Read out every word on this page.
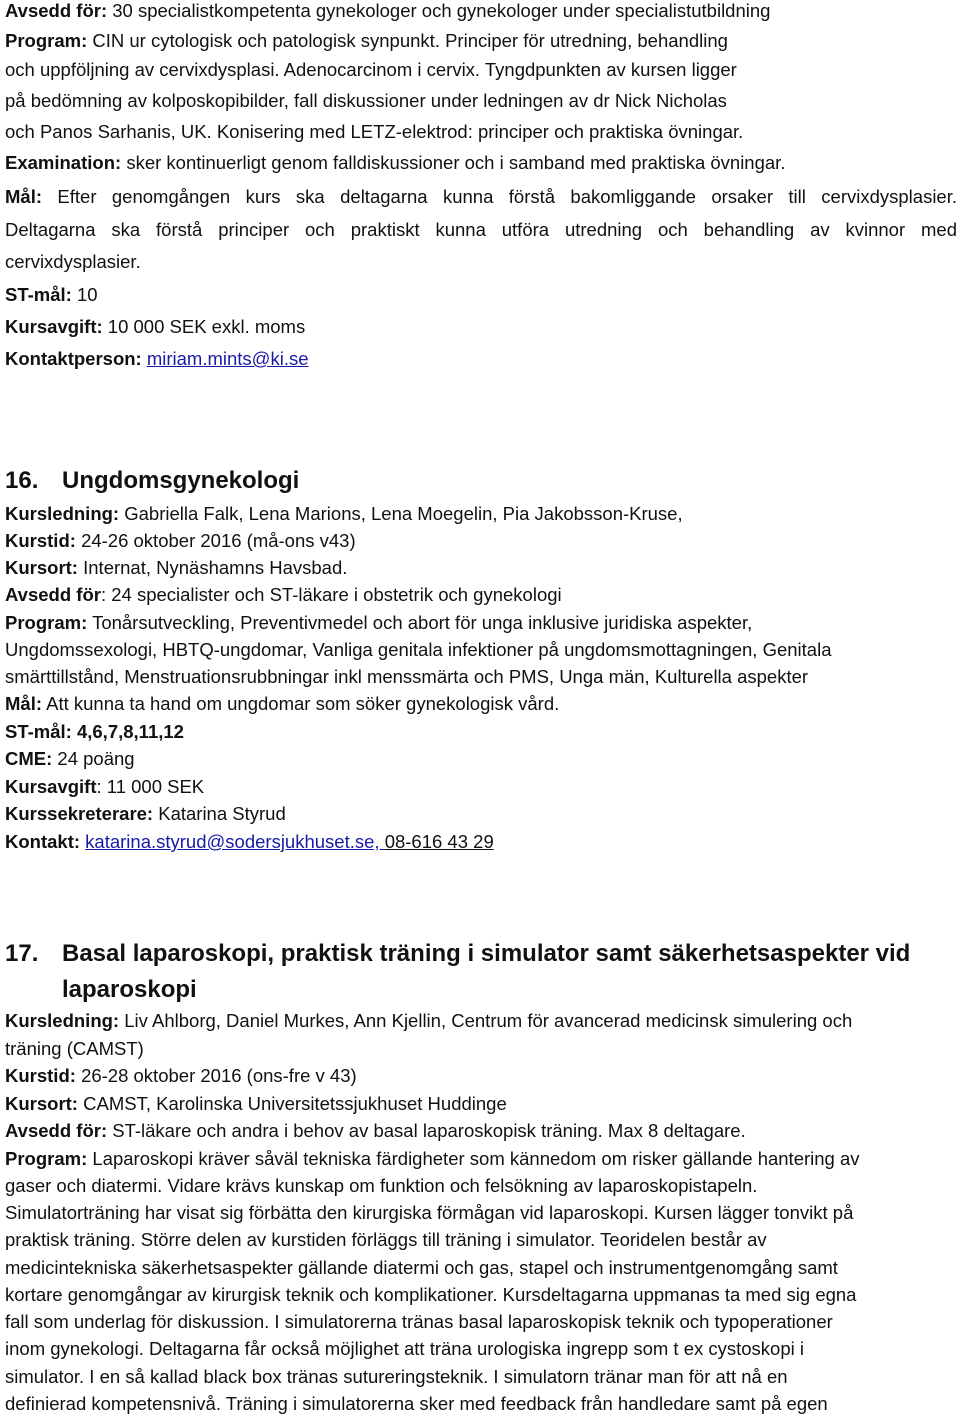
Avsedd för: 30 specialistkompetenta gynekologer och gynekologer under specialistutbildning
Program: CIN ur cytologisk och patologisk synpunkt. Principer för utredning, behandling
och uppföljning av cervixdysplasi. Adenocarcinom i cervix. Tyngdpunkten av kursen ligger
på bedömning av kolposkopibilder, fall diskussioner under ledningen av dr Nick Nicholas
och Panos Sarhanis, UK. Konisering med LETZ-elektrod: principer och praktiska övningar.
Examination: sker kontinuerligt genom falldiskussioner och i samband med praktiska övningar.
Mål: Efter genomgången kurs ska deltagarna kunna förstå bakomliggande orsaker till cervixdysplasier.
Deltagarna ska förstå principer och praktiskt kunna utföra utredning och behandling av kvinnor med
cervixdysplasier.
ST-mål: 10
Kursavgift: 10 000 SEK exkl. moms
Kontaktperson: miriam.mints@ki.se
16. Ungdomsgynekologi
Kursledning: Gabriella Falk, Lena Marions, Lena Moegelin, Pia Jakobsson-Kruse,
Kurstid: 24-26 oktober 2016 (må-ons v43)
Kursort: Internat, Nynäshamns Havsbad.
Avsedd för: 24 specialister och ST-läkare i obstetrik och gynekologi
Program: Tonårsutveckling, Preventivmedel och abort för unga inklusive juridiska aspekter,
Ungdomssexologi, HBTQ-ungdomar, Vanliga genitala infektioner på ungdomsmottagningen, Genitala
smärttillstånd, Menstruationsrubbningar inkl menssmärta och PMS, Unga män, Kulturella aspekter
Mål: Att kunna ta hand om ungdomar som söker gynekologisk vård.
ST-mål: 4,6,7,8,11,12
CME: 24 poäng
Kursavgift: 11 000 SEK
Kurssekreterare: Katarina Styrud
Kontakt: katarina.styrud@sodersjukhuset.se, 08-616 43 29
17. Basal laparoskopi, praktisk träning i simulator samt säkerhetsaspekter vid
laparoskopi
Kursledning: Liv Ahlborg, Daniel Murkes, Ann Kjellin, Centrum för avancerad medicinsk simulering och
träning (CAMST)
Kurstid: 26-28 oktober 2016 (ons-fre v 43)
Kursort: CAMST, Karolinska Universitetssjukhuset Huddinge
Avsedd för: ST-läkare och andra i behov av basal laparoskopisk träning. Max 8 deltagare.
Program: Laparoskopi kräver såväl tekniska färdigheter som kännedom om risker gällande hantering av
gaser och diatermi. Vidare krävs kunskap om funktion och felsökning av laparoskopistapeln.
Simulatorträning har visat sig förbätta den kirurgiska förmågan vid laparoskopi. Kursen lägger tonvikt på
praktisk träning. Större delen av kurstiden förläggs till träning i simulator. Teoridelen består av
medicintekniska säkerhetsaspekter gällande diatermi och gas, stapel och instrumentgenomgång samt
kortare genomgångar av kirurgisk teknik och komplikationer. Kursdeltagarna uppmanas ta med sig egna
fall som underlag för diskussion. I simulatorerna tränas basal laparoskopisk teknik och typoperationer
inom gynekologi. Deltagarna får också möjlighet att träna urologiska ingrepp som t ex cystoskopi i
simulator. I en så kallad black box tränas sutureringsteknik. I simulatorn tränar man för att nå en
definierad kompetensnivå. Träning i simulatorerna sker med feedback från handledare samt på egen
